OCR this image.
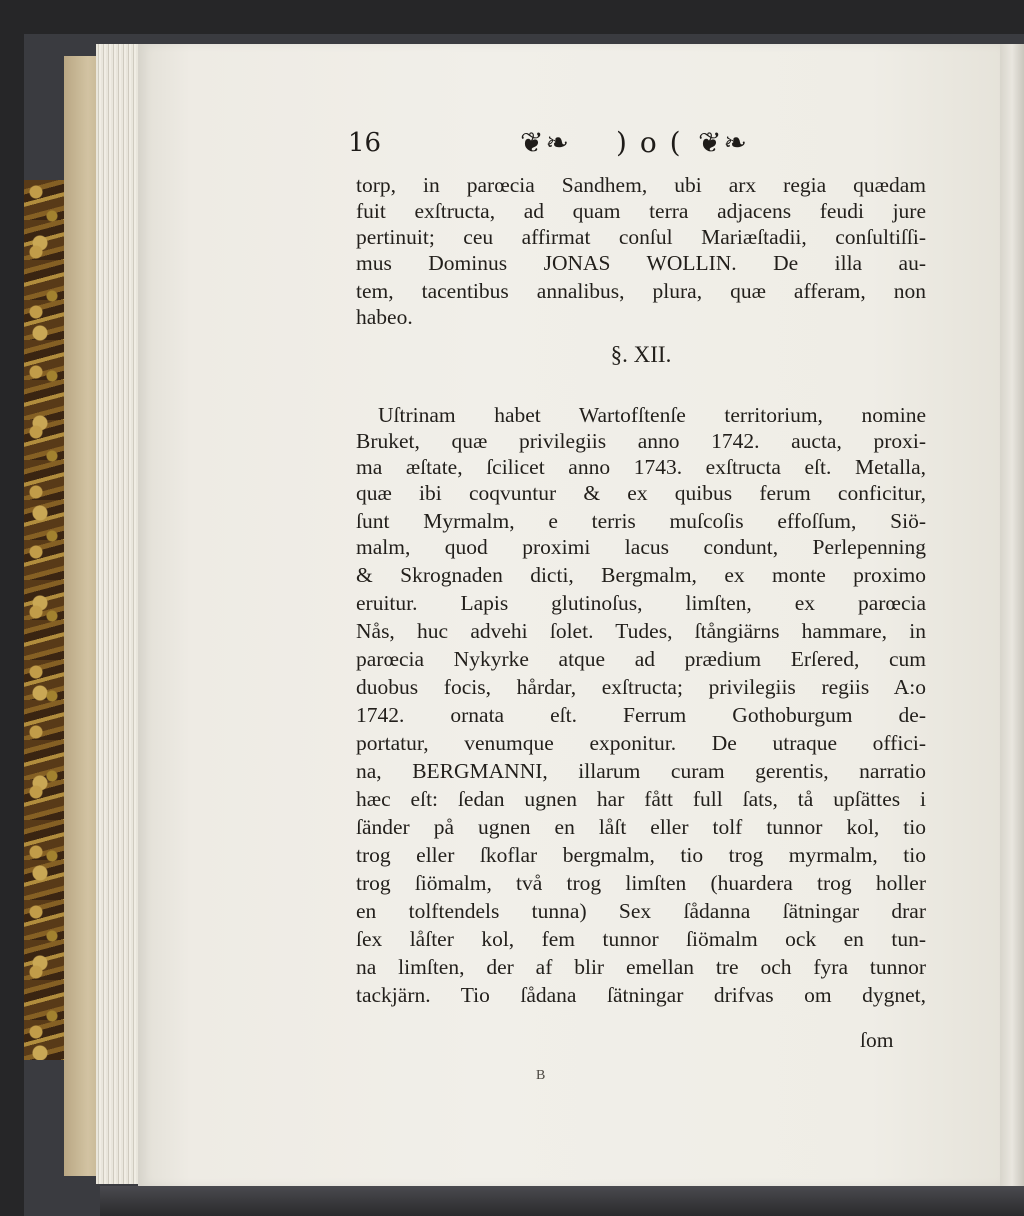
16	❦❧ ) o ( ❦❧
torp, in parœcia Sandhem, ubi arx regia quædam
fuit exſtructa, ad quam terra adjacens feudi jure
pertinuit; ceu affirmat conſul Mariæſtadii, conſultiſſi-
mus Dominus JONAS WOLLIN. De illa au-
tem, tacentibus annalibus, plura, quæ afferam, non
habeo.
§. XII.
Uſtrinam habet Wartofſtenſe territorium, nomine
Bruket, quæ privilegiis anno 1742. aucta, proxi-
ma æſtate, ſcilicet anno 1743. exſtructa eſt. Metalla,
quæ ibi coqvuntur & ex quibus ferum conficitur,
ſunt Myrmalm, e terris muſcoſis effoſſum, Siö-
malm, quod proximi lacus condunt, Perlepenning
& Skrognaden dicti, Bergmalm, ex monte proximo
eruitur. Lapis glutinoſus, limſten, ex parœcia
Nås, huc advehi ſolet. Tudes, ſtångiärns hammare, in
parœcia Nykyrke atque ad prædium Erſered, cum
duobus focis, hårdar, exſtructa; privilegiis regiis A:o
1742. ornata eſt. Ferrum Gothoburgum de-
portatur, venumque exponitur. De utraque offici-
na, BERGMANNI, illarum curam gerentis, narratio
hæc eſt: ſedan ugnen har fått full ſats, tå upſättes i
ſänder på ugnen en låſt eller tolf tunnor kol, tio
trog eller ſkoflar bergmalm, tio trog myrmalm, tio
trog ſiömalm, två trog limſten (huardera trog holler
en tolftendels tunna) Sex ſådanna ſätningar drar
ſex låſter kol, fem tunnor ſiömalm ock en tun-
na limſten, der af blir emellan tre och fyra tunnor
tackjärn. Tio ſådana ſätningar drifvas om dygnet,
ſom
B
